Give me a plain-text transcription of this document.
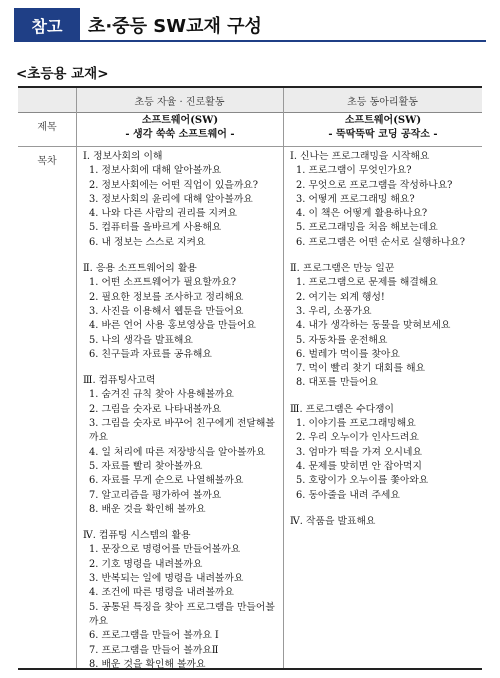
참고	초·중등 SW교재 구성
<초등용 교재>
초등 자율 · 진로활동	초등 동아리활동
제목
목차
소프트웨어(SW)
- 생각 쑥쑥 소프트웨어 -
소프트웨어(SW)
- 뚝딱뚝딱 코딩 공작소 -
Ⅰ. 정보사회의 이해
1. 정보사회에 대해 알아볼까요
2. 정보사회에는 어떤 직업이 있을까요?
3. 정보사회의 윤리에 대해 알아볼까요
4. 나와 다른 사람의 권리를 지켜요
5. 컴퓨터를 올바르게 사용해요
6. 내 정보는 스스로 지켜요
Ⅱ. 응용 소프트웨어의 활용
1. 어떤 소프트웨어가 필요할까요?
2. 필요한 정보를 조사하고 정리해요
3. 사진을 이용해서 웹툰을 만들어요
4. 바른 언어 사용 홍보영상을 만들어요
5. 나의 생각을 발표해요
6. 친구들과 자료를 공유해요
Ⅲ. 컴퓨팅사고력
1. 숨겨진 규칙 찾아 사용해볼까요
2. 그림을 숫자로 나타내볼까요
3. 그림을 숫자로 바꾸어 친구에게 전달해볼까요
4. 일 처리에 따른 저장방식을 알아볼까요
5. 자료를 빨리 찾아볼까요
6. 자료를 무게 순으로 나열해볼까요
7. 알고리즘을 평가하여 볼까요
8. 배운 것을 확인해 볼까요
Ⅳ. 컴퓨팅 시스템의 활용
1. 문장으로 명령어를 만들어볼까요
2. 기호 명령을 내려볼까요
3. 반복되는 일에 명령을 내려볼까요
4. 조건에 따른 명령을 내려볼까요
5. 공통된 특징을 찾아 프로그램을 만들어볼까요
6. 프로그램을 만들어 볼까요 Ⅰ
7. 프로그램을 만들어 볼까요Ⅱ
8. 배운 것을 확인해 볼까요
Ⅰ. 신나는 프로그래밍을 시작해요
1. 프로그램이 무엇인가요?
2. 무엇으로 프로그램을 작성하나요?
3. 어떻게 프로그래밍 해요?
4. 이 책은 어떻게 활용하나요?
5. 프로그래밍을 처음 해보는데요
6. 프로그램은 어떤 순서로 실행하나요?
Ⅱ. 프로그램은 만능 일꾼
1. 프로그램으로 문제를 해결해요
2. 여기는 외계 행성!
3. 우리, 소풍가요
4. 내가 생각하는 동물을 맞혀보세요
5. 자동차를 운전해요
6. 벌레가 먹이를 찾아요
7. 먹이 빨리 찾기 대회를 해요
8. 대포를 만들어요
Ⅲ. 프로그램은 수다쟁이
1. 이야기를 프로그래밍해요
2. 우리 오누이가 인사드려요
3. 엄마가 떡을 가져 오시네요
4. 문제를 맞히면 안 잡아먹지
5. 호랑이가 오누이를 쫓아와요
6. 동아줄을 내려 주세요
Ⅳ. 작품을 발표해요
